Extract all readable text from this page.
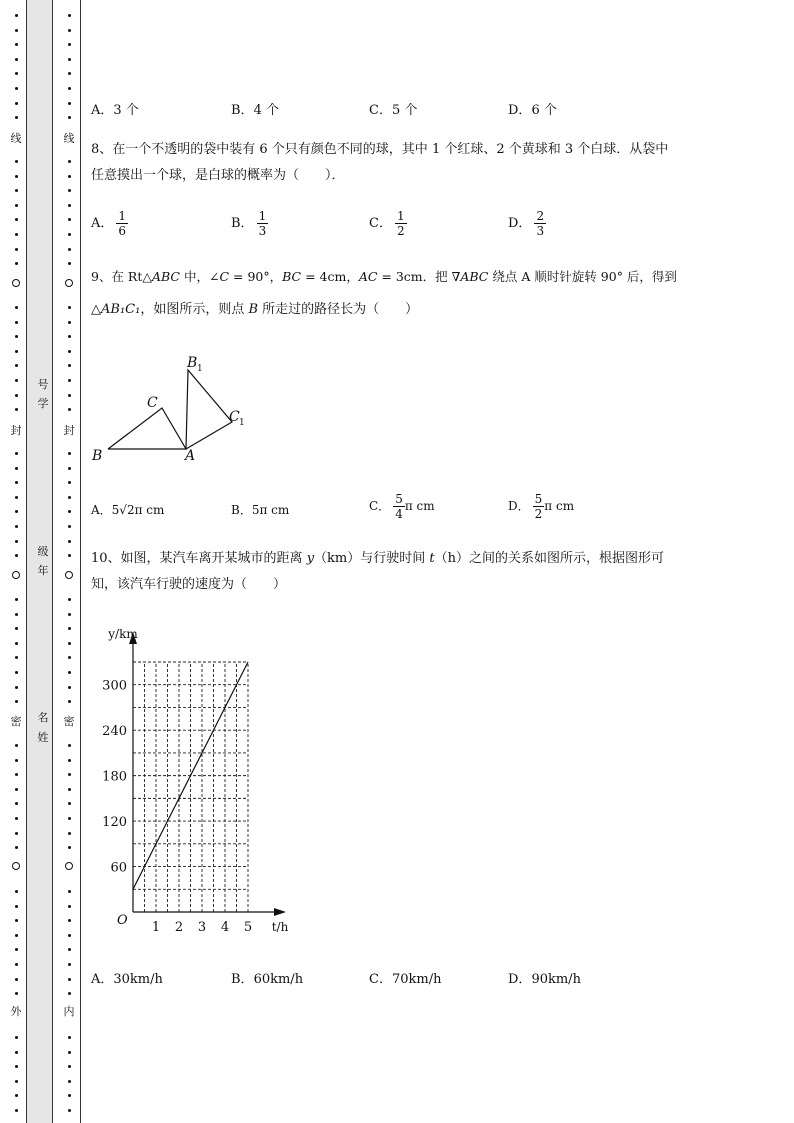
线
封
密
外
线
封
密
内
号
学
级
年
名
姓
A．3 个	B．4 个	C．5 个	D．6 个
8、在一个不透明的袋中装有 6 个只有颜色不同的球，其中 1 个红球、2 个黄球和 3 个白球．从袋中
任意摸出一个球，是白球的概率为（　　）．
A． $\frac{1}{6}$	B． $\frac{1}{3}$	C． $\frac{1}{2}$	D． $\frac{2}{3}$
9、在 Rt△ABC 中，∠C = 90°，BC = 4cm，AC = 3cm．把 ∇ABC 绕点 A 顺时针旋转 90° 后，得到
△AB₁C₁，如图所示，则点 B 所走过的路径长为（　　）
B	A
C
B 1
C 1
A．5√2π cm	B．5π cm	C． $\frac{5}{4}$ π cm	D． $\frac{5}{2}$ π cm
10、如图，某汽车离开某城市的距离 y（km）与行驶时间 t（h）之间的关系如图所示，根据图形可
知，该汽车行驶的速度为（　　）
1 2 3 4 5
60
120
180
240
300
O
y/km
t/h
A．30km/h	B．60km/h	C．70km/h	D．90km/h
